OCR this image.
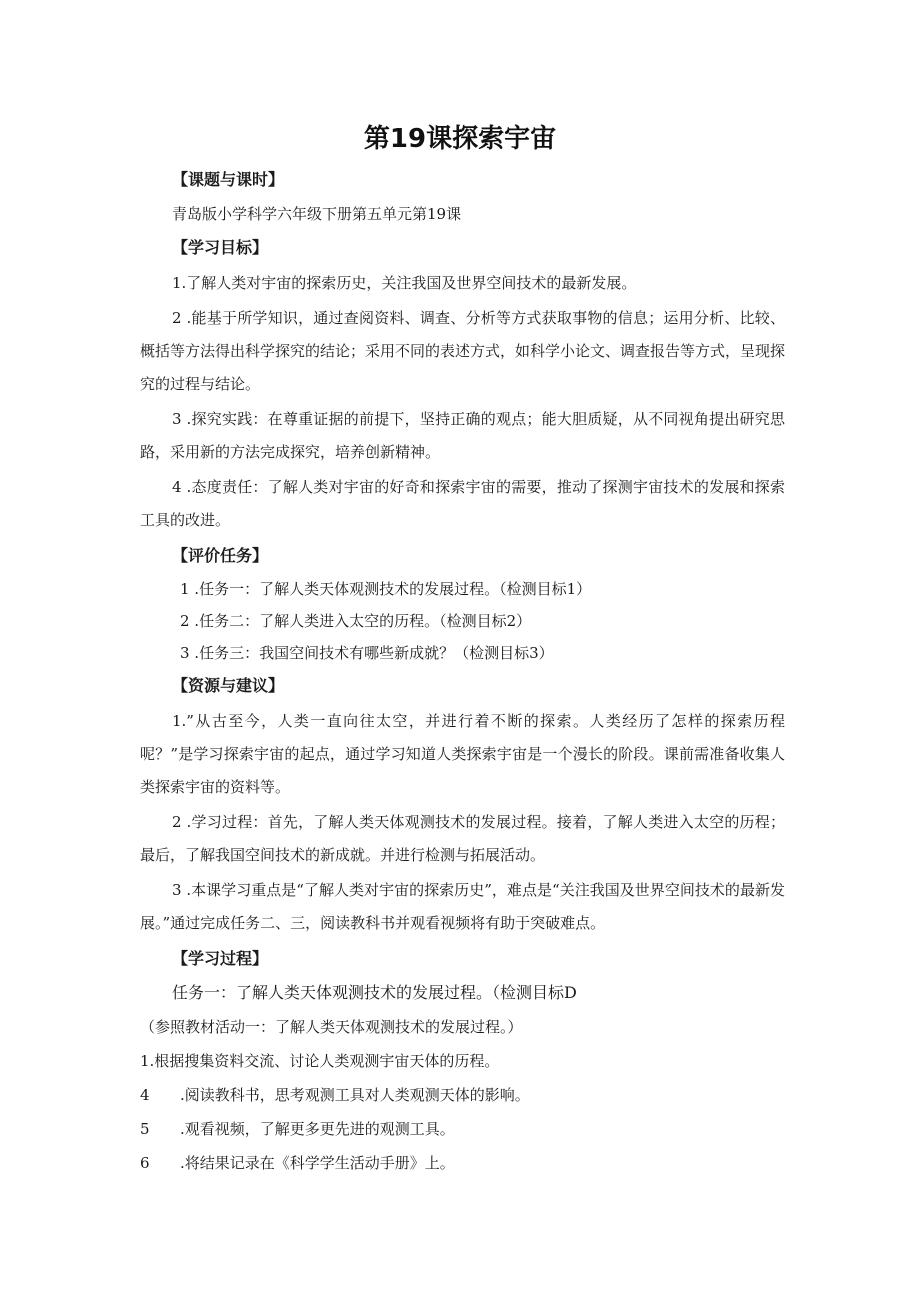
第19课探索宇宙
【课题与课时】
青岛版小学科学六年级下册第五单元第19课
【学习目标】
1.了解人类对宇宙的探索历史，关注我国及世界空间技术的最新发展。
2 .能基于所学知识，通过查阅资料、调查、分析等方式获取事物的信息；运用分析、比较、概括等方法得出科学探究的结论；采用不同的表述方式，如科学小论文、调查报告等方式，呈现探究的过程与结论。
3 .探究实践：在尊重证据的前提下，坚持正确的观点；能大胆质疑，从不同视角提出研究思路，采用新的方法完成探究，培养创新精神。
4 .态度责任：了解人类对宇宙的好奇和探索宇宙的需要，推动了探测宇宙技术的发展和探索工具的改进。
【评价任务】
1 .任务一：了解人类天体观测技术的发展过程。（检测目标1）
2 .任务二：了解人类进入太空的历程。（检测目标2）
3 .任务三：我国空间技术有哪些新成就？（检测目标3）
【资源与建议】
1.”从古至今，人类一直向往太空，并进行着不断的探索。人类经历了怎样的探索历程呢？”是学习探索宇宙的起点，通过学习知道人类探索宇宙是一个漫长的阶段。课前需准备收集人类探索宇宙的资料等。
2 .学习过程：首先，了解人类天体观测技术的发展过程。接着，了解人类进入太空的历程；最后，了解我国空间技术的新成就。并进行检测与拓展活动。
3 .本课学习重点是“了解人类对宇宙的探索历史”，难点是“关注我国及世界空间技术的最新发展。”通过完成任务二、三，阅读教科书并观看视频将有助于突破难点。
【学习过程】
任务一：了解人类天体观测技术的发展过程。（检测目标D
（参照教材活动一：了解人类天体观测技术的发展过程。）
1.根据搜集资料交流、讨论人类观测宇宙天体的历程。
4 .阅读教科书，思考观测工具对人类观测天体的影响。
5 .观看视频，了解更多更先进的观测工具。
6 .将结果记录在《科学学生活动手册》上。
